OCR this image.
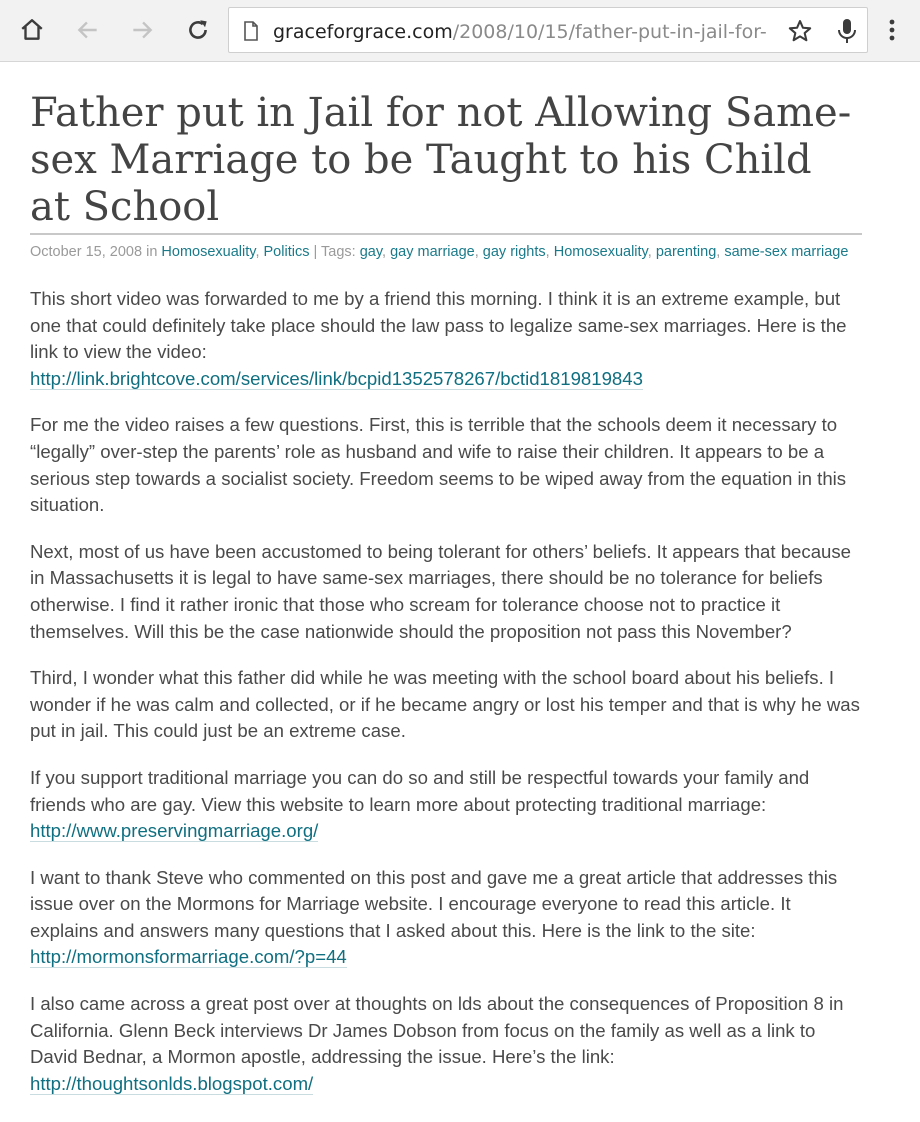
graceforgrace.com/2008/10/15/father-put-in-jail-for-
Father put in Jail for not Allowing Same-sex Marriage to be Taught to his Child at School
October 15, 2008 in Homosexuality, Politics | Tags: gay, gay marriage, gay rights, Homosexuality, parenting, same-sex marriage

This short video was forwarded to me by a friend this morning. I think it is an extreme example, but one that could definitely take place should the law pass to legalize same-sex marriages. Here is the link to view the video:
http://link.brightcove.com/services/link/bcpid1352578267/bctid1819819843

For me the video raises a few questions. First, this is terrible that the schools deem it necessary to “legally” over-step the parents’ role as husband and wife to raise their children. It appears to be a serious step towards a socialist society. Freedom seems to be wiped away from the equation in this situation.

Next, most of us have been accustomed to being tolerant for others’ beliefs. It appears that because in Massachusetts it is legal to have same-sex marriages, there should be no tolerance for beliefs otherwise. I find it rather ironic that those who scream for tolerance choose not to practice it themselves. Will this be the case nationwide should the proposition not pass this November?

Third, I wonder what this father did while he was meeting with the school board about his beliefs. I wonder if he was calm and collected, or if he became angry or lost his temper and that is why he was put in jail. This could just be an extreme case.

If you support traditional marriage you can do so and still be respectful towards your family and friends who are gay. View this website to learn more about protecting traditional marriage: http://www.preservingmarriage.org/

I want to thank Steve who commented on this post and gave me a great article that addresses this issue over on the Mormons for Marriage website. I encourage everyone to read this article. It explains and answers many questions that I asked about this. Here is the link to the site: http://mormonsformarriage.com/?p=44

I also came across a great post over at thoughts on lds about the consequences of Proposition 8 in California. Glenn Beck interviews Dr James Dobson from focus on the family as well as a link to David Bednar, a Mormon apostle, addressing the issue. Here’s the link:
http://thoughtsonlds.blogspot.com/
